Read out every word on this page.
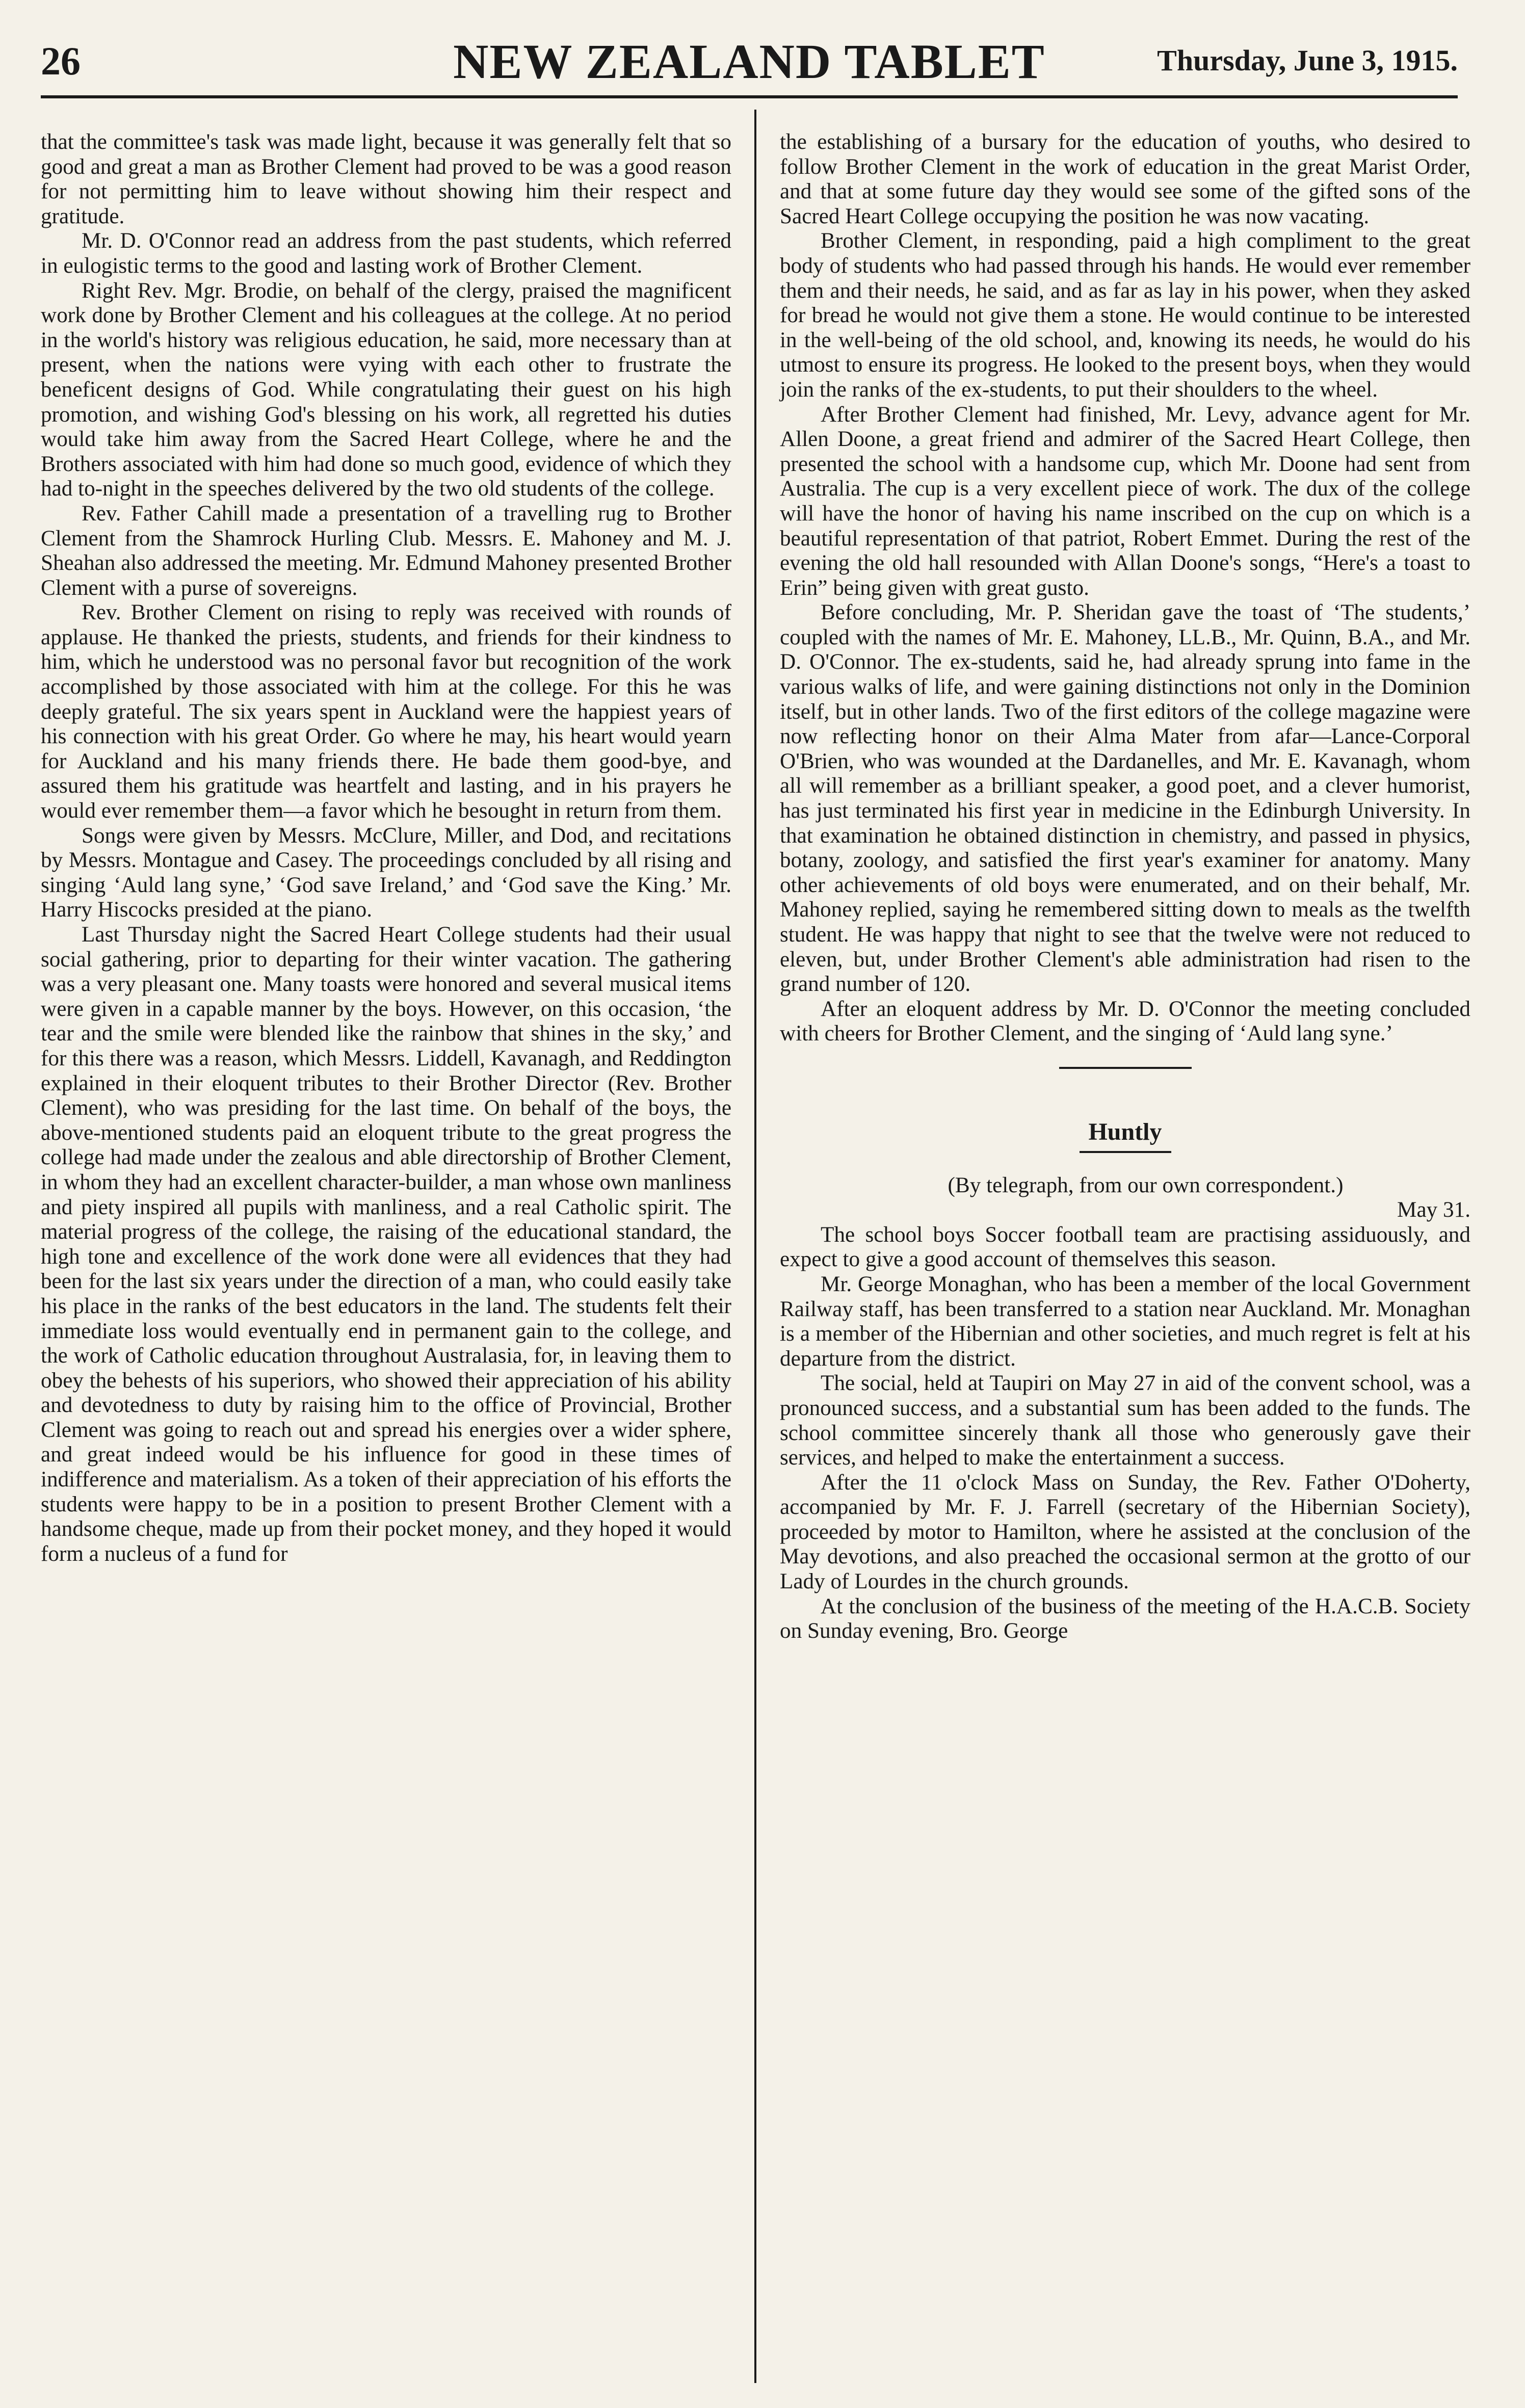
26	NEW ZEALAND TABLET	Thursday, June 3, 1915.

that the committee's task was made light, because it was generally felt that so good and great a man as Brother Clement had proved to be was a good reason for not permitting him to leave without showing him their respect and gratitude.

Mr. D. O'Connor read an address from the past students, which referred in eulogistic terms to the good and lasting work of Brother Clement.

Right Rev. Mgr. Brodie, on behalf of the clergy, praised the magnificent work done by Brother Clement and his colleagues at the college. At no period in the world's history was religious education, he said, more necessary than at present, when the nations were vying with each other to frustrate the beneficent designs of God. While congratulating their guest on his high promotion, and wishing God's blessing on his work, all regretted his duties would take him away from the Sacred Heart College, where he and the Brothers associated with him had done so much good, evidence of which they had to-night in the speeches delivered by the two old students of the college.

Rev. Father Cahill made a presentation of a travelling rug to Brother Clement from the Shamrock Hurling Club. Messrs. E. Mahoney and M. J. Sheahan also addressed the meeting. Mr. Edmund Mahoney presented Brother Clement with a purse of sovereigns.

Rev. Brother Clement on rising to reply was received with rounds of applause. He thanked the priests, students, and friends for their kindness to him, which he understood was no personal favor but recognition of the work accomplished by those associated with him at the college. For this he was deeply grateful. The six years spent in Auckland were the happiest years of his connection with his great Order. Go where he may, his heart would yearn for Auckland and his many friends there. He bade them good-bye, and assured them his gratitude was heartfelt and lasting, and in his prayers he would ever remember them—a favor which he besought in return from them.

Songs were given by Messrs. McClure, Miller, and Dod, and recitations by Messrs. Montague and Casey. The proceedings concluded by all rising and singing ‘Auld lang syne,’ ‘God save Ireland,’ and ‘God save the King.’ Mr. Harry Hiscocks presided at the piano.

Last Thursday night the Sacred Heart College students had their usual social gathering, prior to departing for their winter vacation. The gathering was a very pleasant one. Many toasts were honored and several musical items were given in a capable manner by the boys. However, on this occasion, ‘the tear and the smile were blended like the rainbow that shines in the sky,’ and for this there was a reason, which Messrs. Liddell, Kavanagh, and Reddington explained in their eloquent tributes to their Brother Director (Rev. Brother Clement), who was presiding for the last time. On behalf of the boys, the above-mentioned students paid an eloquent tribute to the great progress the college had made under the zealous and able directorship of Brother Clement, in whom they had an excellent character-builder, a man whose own manliness and piety inspired all pupils with manliness, and a real Catholic spirit. The material progress of the college, the raising of the educational standard, the high tone and excellence of the work done were all evidences that they had been for the last six years under the direction of a man, who could easily take his place in the ranks of the best educators in the land. The students felt their immediate loss would eventually end in permanent gain to the college, and the work of Catholic education throughout Australasia, for, in leaving them to obey the behests of his superiors, who showed their appreciation of his ability and devotedness to duty by raising him to the office of Provincial, Brother Clement was going to reach out and spread his energies over a wider sphere, and great indeed would be his influence for good in these times of indifference and materialism. As a token of their appreciation of his efforts the students were happy to be in a position to present Brother Clement with a handsome cheque, made up from their pocket money, and they hoped it would form a nucleus of a fund for

the establishing of a bursary for the education of youths, who desired to follow Brother Clement in the work of education in the great Marist Order, and that at some future day they would see some of the gifted sons of the Sacred Heart College occupying the position he was now vacating.

Brother Clement, in responding, paid a high compliment to the great body of students who had passed through his hands. He would ever remember them and their needs, he said, and as far as lay in his power, when they asked for bread he would not give them a stone. He would continue to be interested in the well-being of the old school, and, knowing its needs, he would do his utmost to ensure its progress. He looked to the present boys, when they would join the ranks of the ex-students, to put their shoulders to the wheel.

After Brother Clement had finished, Mr. Levy, advance agent for Mr. Allen Doone, a great friend and admirer of the Sacred Heart College, then presented the school with a handsome cup, which Mr. Doone had sent from Australia. The cup is a very excellent piece of work. The dux of the college will have the honor of having his name inscribed on the cup on which is a beautiful representation of that patriot, Robert Emmet. During the rest of the evening the old hall resounded with Allan Doone's songs, “Here's a toast to Erin” being given with great gusto.

Before concluding, Mr. P. Sheridan gave the toast of ‘The students,’ coupled with the names of Mr. E. Mahoney, LL.B., Mr. Quinn, B.A., and Mr. D. O'Connor. The ex-students, said he, had already sprung into fame in the various walks of life, and were gaining distinctions not only in the Dominion itself, but in other lands. Two of the first editors of the college magazine were now reflecting honor on their Alma Mater from afar—Lance-Corporal O'Brien, who was wounded at the Dardanelles, and Mr. E. Kavanagh, whom all will remember as a brilliant speaker, a good poet, and a clever humorist, has just terminated his first year in medicine in the Edinburgh University. In that examination he obtained distinction in chemistry, and passed in physics, botany, zoology, and satisfied the first year's examiner for anatomy. Many other achievements of old boys were enumerated, and on their behalf, Mr. Mahoney replied, saying he remembered sitting down to meals as the twelfth student. He was happy that night to see that the twelve were not reduced to eleven, but, under Brother Clement's able administration had risen to the grand number of 120.

After an eloquent address by Mr. D. O'Connor the meeting concluded with cheers for Brother Clement, and the singing of ‘Auld lang syne.’

Huntly

(By telegraph, from our own correspondent.)

May 31.

The school boys Soccer football team are practising assiduously, and expect to give a good account of themselves this season.

Mr. George Monaghan, who has been a member of the local Government Railway staff, has been transferred to a station near Auckland. Mr. Monaghan is a member of the Hibernian and other societies, and much regret is felt at his departure from the district.

The social, held at Taupiri on May 27 in aid of the convent school, was a pronounced success, and a substantial sum has been added to the funds. The school committee sincerely thank all those who generously gave their services, and helped to make the entertainment a success.

After the 11 o'clock Mass on Sunday, the Rev. Father O'Doherty, accompanied by Mr. F. J. Farrell (secretary of the Hibernian Society), proceeded by motor to Hamilton, where he assisted at the conclusion of the May devotions, and also preached the occasional sermon at the grotto of our Lady of Lourdes in the church grounds.

At the conclusion of the business of the meeting of the H.A.C.B. Society on Sunday evening, Bro. George
